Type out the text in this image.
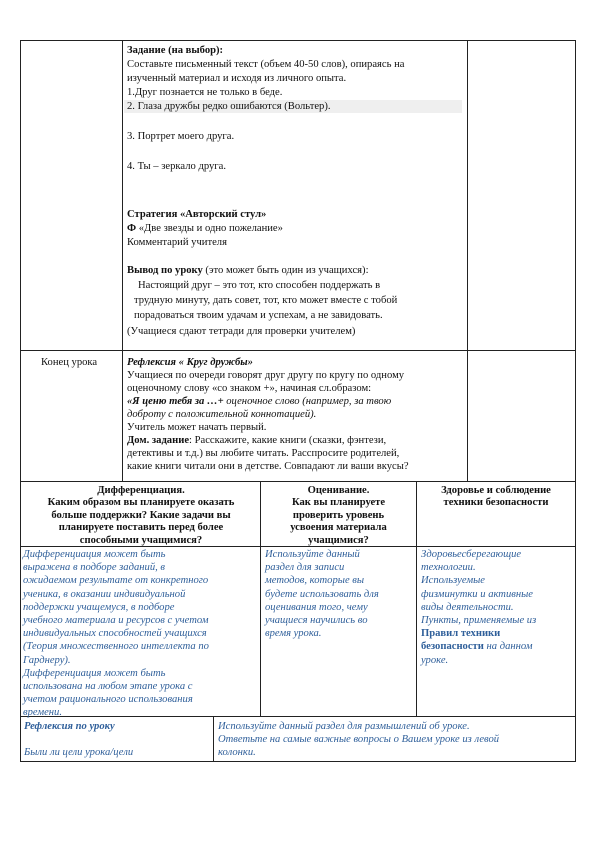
Задание (на выбор):
Составьте письменный текст (объем 40-50 слов), опираясь на
изученный материал и исходя из личного опыта.
1.Друг познается не только в беде.
2. Глаза дружбы редко ошибаются (Вольтер).
3. Портрет моего друга.
4. Ты – зеркало друга.
Стратегия «Авторский стул»
Ф «Две звезды и одно пожелание»
Комментарий учителя
Вывод по уроку (это может быть один из учащихся):
Настоящий друг – это тот, кто способен поддержать в
трудную минуту, дать совет, тот, кто может вместе с тобой
порадоваться твоим удачам и успехам, а не завидовать.
(Учащиеся сдают тетради для проверки учителем)
Конец урока	Рефлексия « Круг дружбы»
Учащиеся по очереди говорят друг другу по кругу по одному
оценочному слову «со знаком +», начиная сл.образом:
«Я ценю тебя за …+ оценочное слово (например, за твою
доброту с положительной коннотацией).
Учитель может начать первый.
Дом. задание: Расскажите, какие книги (сказки, фэнтези,
детективы и т.д.) вы любите читать. Расспросите родителей,
какие книги читали они в детстве. Совпадают ли ваши вкусы?
Дифференциация.
Каким образом вы планируете оказать
больше поддержки? Какие задачи вы
планируете поставить перед более
способными учащимися?
Оценивание.
Как вы планируете
проверить уровень
усвоения материала
учащимися?
Здоровье и соблюдение
техники безопасности
Дифференциация может быть
выражена в подборе заданий, в
ожидаемом результате от конкретного
ученика, в оказании индивидуальной
поддержки учащемуся, в подборе
учебного материала и ресурсов с учетом
индивидуальных способностей учащихся
(Теория множественного интеллекта по
Гарднеру).
Дифференциация может быть
использована на любом этапе урока с
учетом рационального использования
времени.
Используйте данный
раздел для записи
методов, которые вы
будете использовать для
оценивания того, чему
учащиеся научились во
время урока.
Здоровьесберегающие
технологии.
Используемые
физминутки и активные
виды деятельности.
Пункты, применяемые из
Правил техники
безопасности на данном
уроке.
Рефлексия по уроку
Были ли цели урока/цели
Используйте данный раздел для размышлений об уроке.
Ответьте на самые важные вопросы о Вашем уроке из левой
колонки.
